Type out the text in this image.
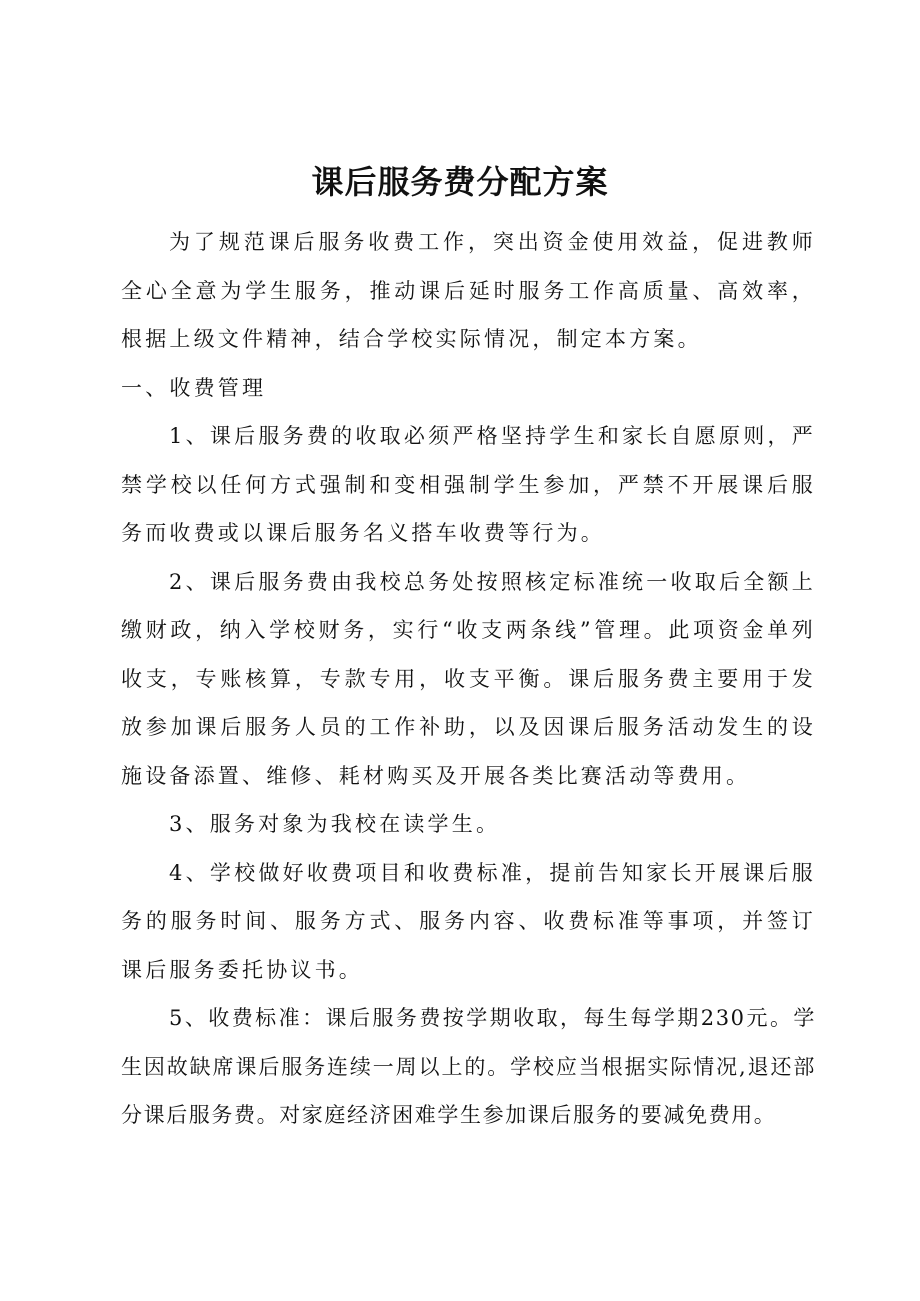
课后服务费分配方案

为了规范课后服务收费工作，突出资金使用效益，促进教师全心全意为学生服务，推动课后延时服务工作高质量、高效率，根据上级文件精神，结合学校实际情况，制定本方案。

一、收费管理

1、课后服务费的收取必须严格坚持学生和家长自愿原则，严禁学校以任何方式强制和变相强制学生参加，严禁不开展课后服务而收费或以课后服务名义搭车收费等行为。

2、课后服务费由我校总务处按照核定标准统一收取后全额上缴财政，纳入学校财务，实行“收支两条线”管理。此项资金单列收支，专账核算，专款专用，收支平衡。课后服务费主要用于发放参加课后服务人员的工作补助，以及因课后服务活动发生的设施设备添置、维修、耗材购买及开展各类比赛活动等费用。

3、服务对象为我校在读学生。

4、学校做好收费项目和收费标准，提前告知家长开展课后服务的服务时间、服务方式、服务内容、收费标准等事项，并签订课后服务委托协议书。

5、收费标准：课后服务费按学期收取，每生每学期230元。学生因故缺席课后服务连续一周以上的。学校应当根据实际情况,退还部分课后服务费。对家庭经济困难学生参加课后服务的要减免费用。
